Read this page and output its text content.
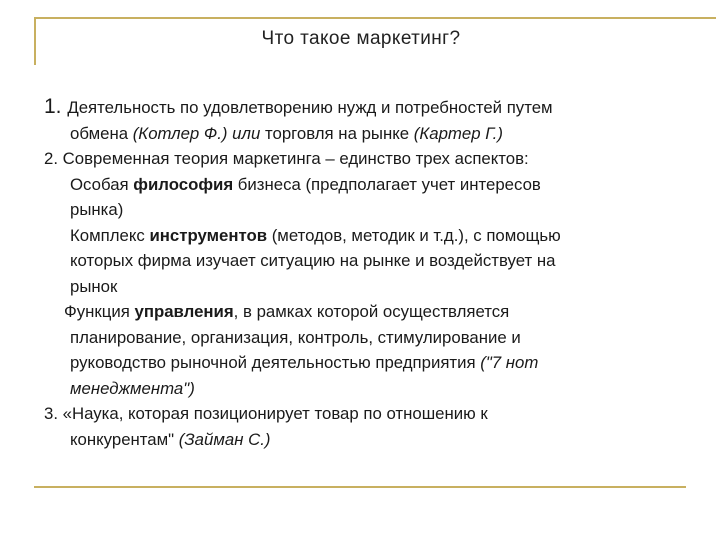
Что такое маркетинг?
1. Деятельность по удовлетворению нужд и потребностей путем
обмена (Котлер Ф.) или торговля на рынке (Картер Г.)
2. Современная теория маркетинга – единство трех аспектов:
Особая философия бизнеса (предполагает учет интересов
рынка)
Комплекс инструментов (методов, методик и т.д.), с помощью
которых фирма изучает ситуацию на рынке и воздействует на
рынок
Функция управления, в рамках которой осуществляется
планирование, организация, контроль, стимулирование и
руководство рыночной деятельностью предприятия ("7 нот
менеджмента")
3. «Наука, которая позиционирует товар по отношению к
конкурентам" (Займан С.)
